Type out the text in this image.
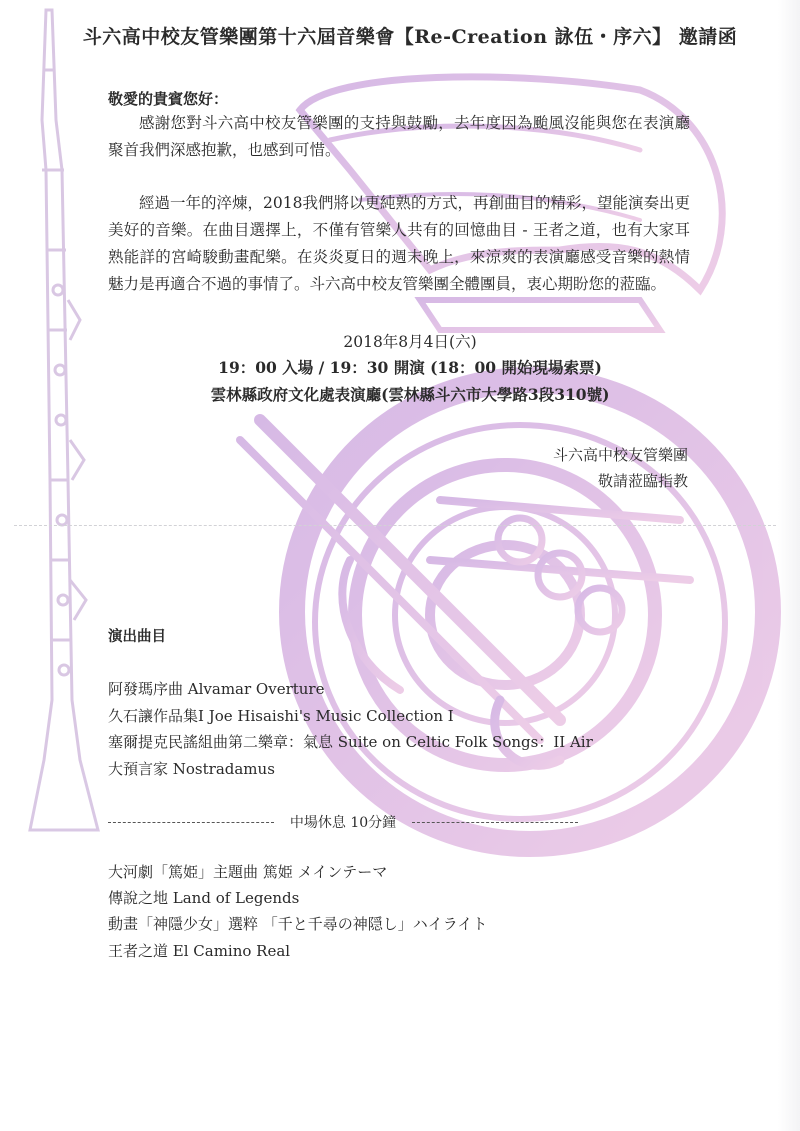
斗六高中校友管樂團第十六屆音樂會【Re-Creation 詠伍・序六】 邀請函
敬愛的貴賓您好：
感謝您對斗六高中校友管樂團的支持與鼓勵，去年度因為颱風沒能與您在表演廳聚首我們深感抱歉，也感到可惜。
經過一年的淬煉，2018我們將以更純熟的方式，再創曲目的精彩，望能演奏出更美好的音樂。在曲目選擇上，不僅有管樂人共有的回憶曲目 - 王者之道，也有大家耳熟能詳的宮崎駿動畫配樂。在炎炎夏日的週末晚上，來涼爽的表演廳感受音樂的熱情魅力是再適合不過的事情了。斗六高中校友管樂團全體團員，衷心期盼您的蒞臨。
2018年8月4日(六)
19：00 入場 / 19：30 開演 (18：00 開始現場索票)
雲林縣政府文化處表演廳(雲林縣斗六市大學路3段310號)
斗六高中校友管樂團
敬請蒞臨指教
演出曲目
阿發瑪序曲 Alvamar Overture
久石讓作品集Ⅰ Joe Hisaishi's Music Collection Ⅰ
塞爾提克民謠組曲第二樂章：氣息 Suite on Celtic Folk Songs：II Air
大預言家 Nostradamus
中場休息 10分鐘
大河劇「篤姫」主題曲 篤姫 メインテーマ
傳說之地 Land of Legends
動畫「神隱少女」選粹 「千と千尋の神隠し」ハイライト
王者之道 El Camino Real
